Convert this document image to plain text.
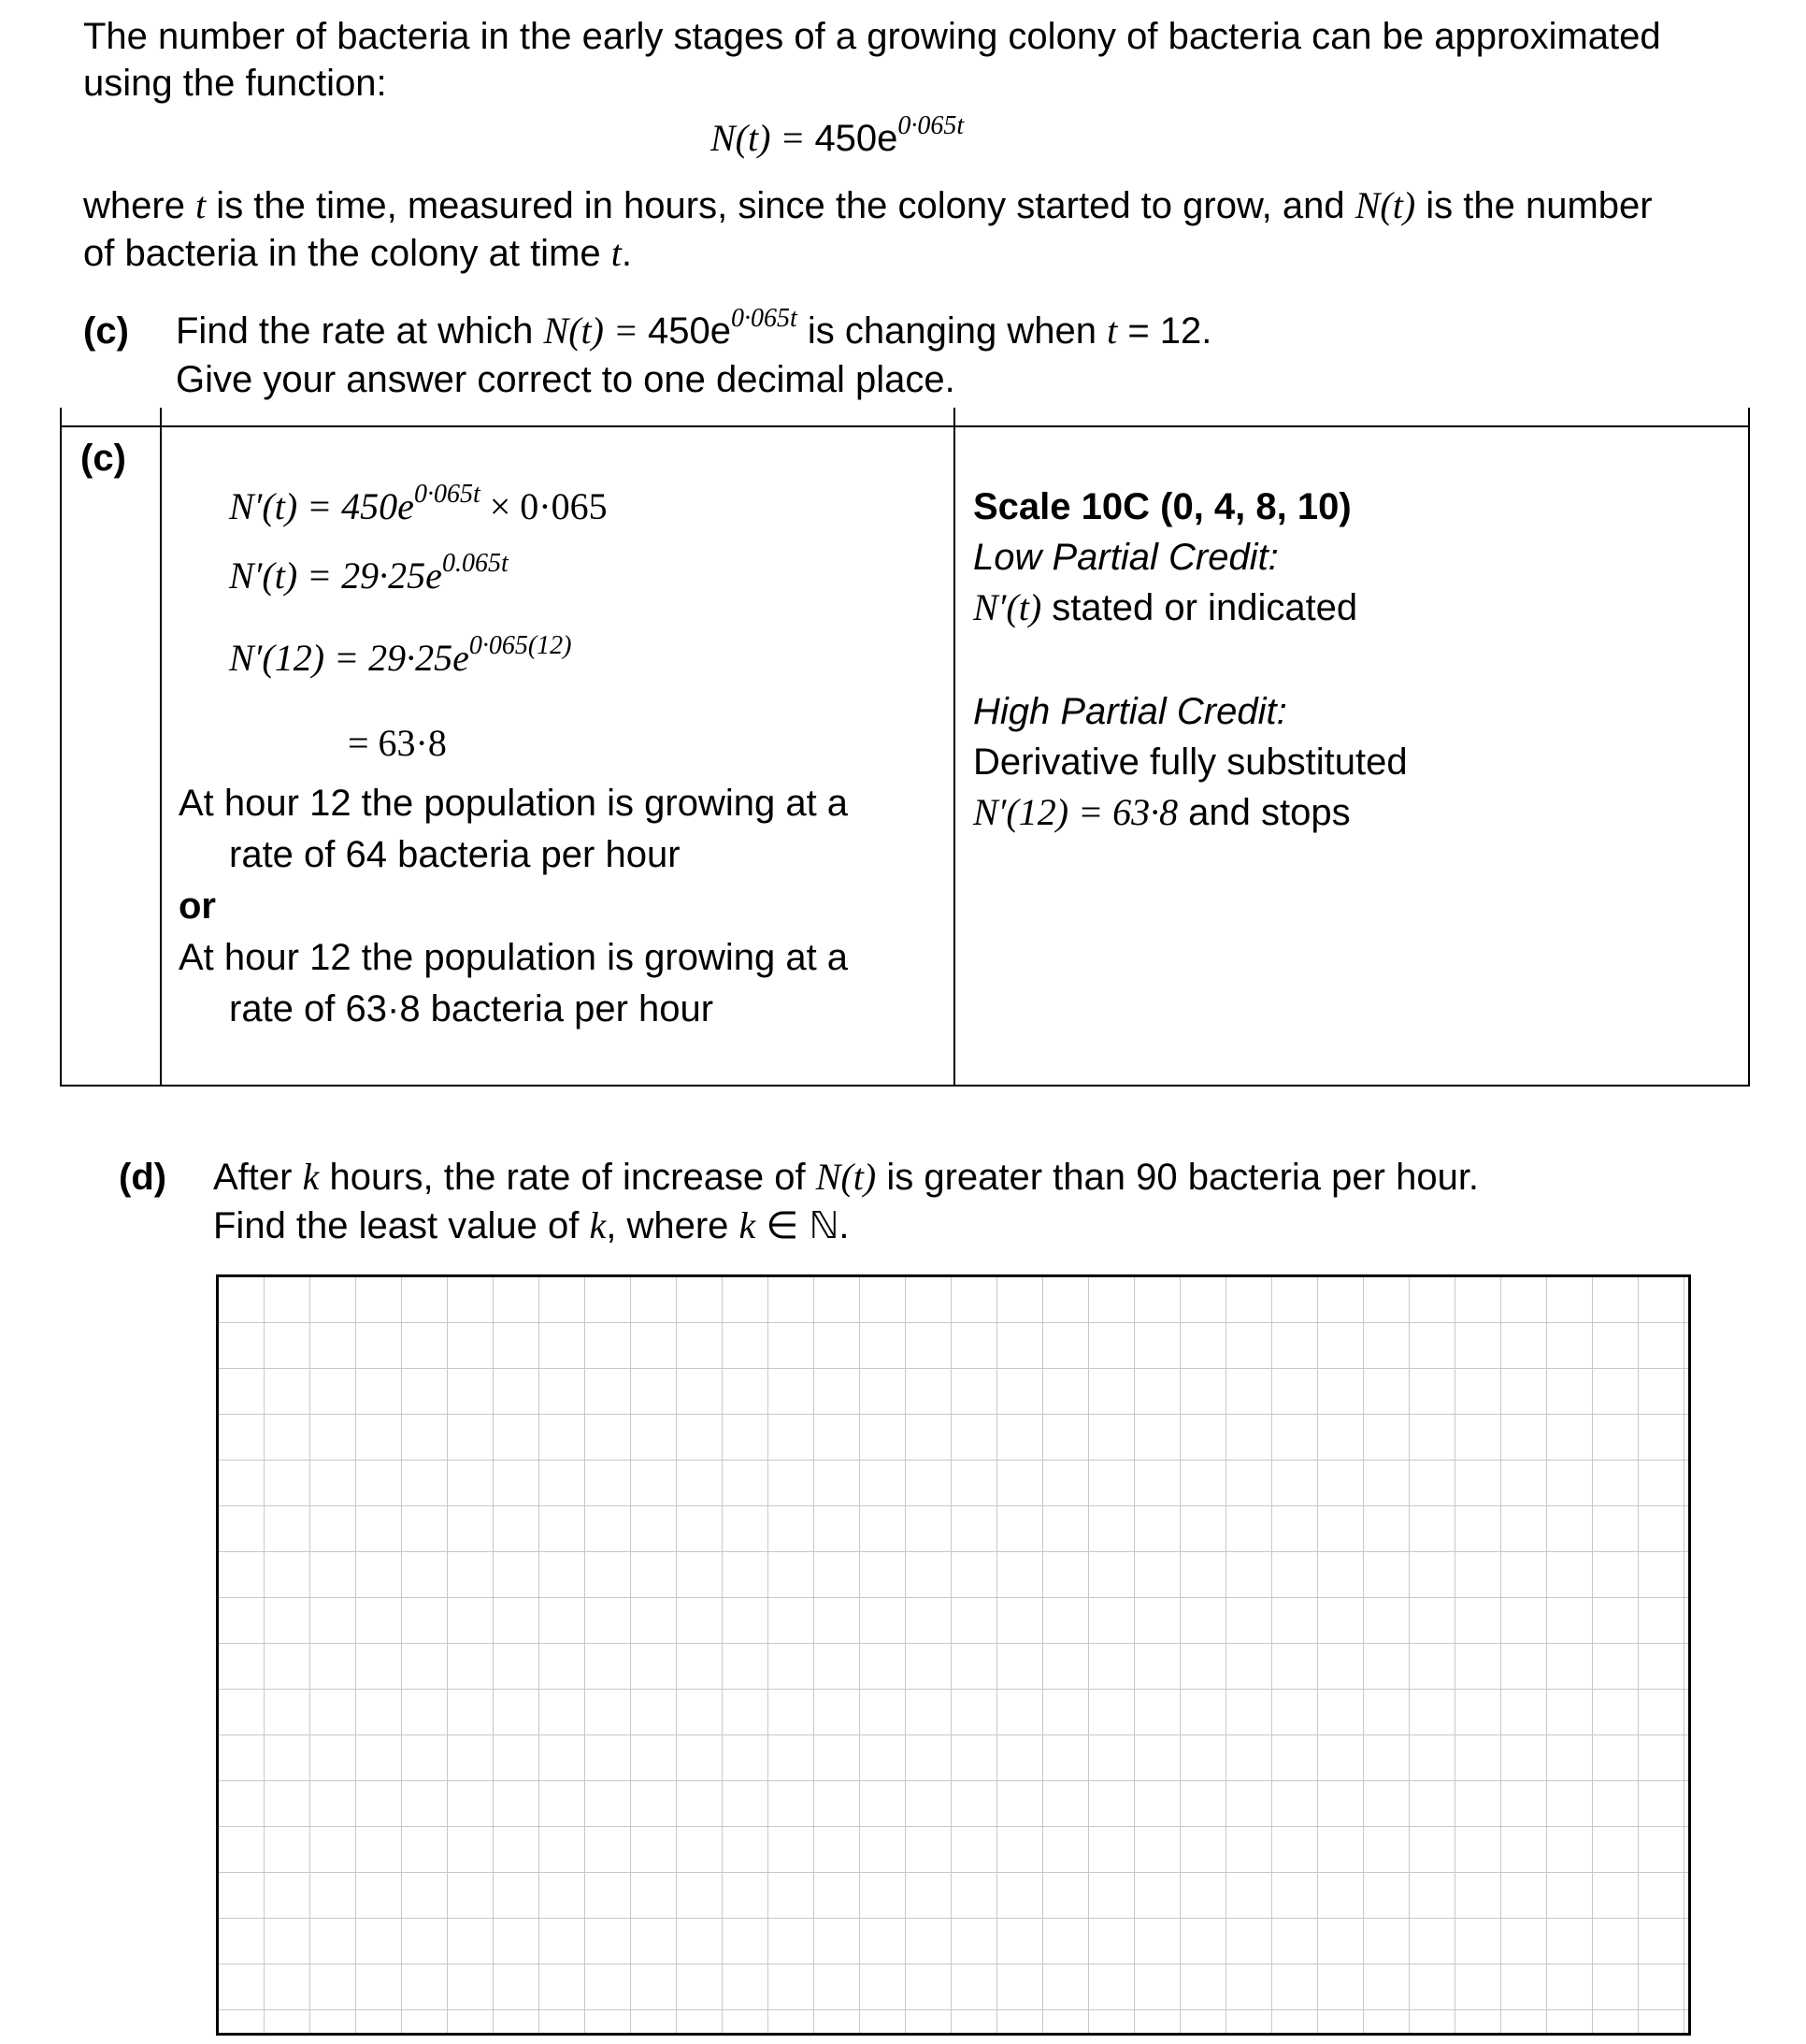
The number of bacteria in the early stages of a growing colony of bacteria can be approximated
using the function:
$N(t) = 450e^{0\cdot 065t}$
where t is the time, measured in hours, since the colony started to grow, and N(t) is the number
of bacteria in the colony at time t.
(c) Find the rate at which $N(t) = 450e^{0\cdot 065t}$ is changing when t = 12.
Give your answer correct to one decimal place.
(c)
$N'(t) = 450e^{0\cdot 065t} \times 0\cdot 065$
$N'(t) = 29\cdot 25e^{0.065t}$
$N'(12) = 29\cdot 25e^{0\cdot 065(12)}$
= 63·8
At hour 12 the population is growing at a
rate of 64 bacteria per hour
or
At hour 12 the population is growing at a
rate of 63·8 bacteria per hour
Scale 10C (0, 4, 8, 10)
Low Partial Credit:
N′(t) stated or indicated
High Partial Credit:
Derivative fully substituted
N′(12) = 63·8 and stops
(d) After k hours, the rate of increase of N(t) is greater than 90 bacteria per hour.
Find the least value of k, where k ∈ ℕ.
